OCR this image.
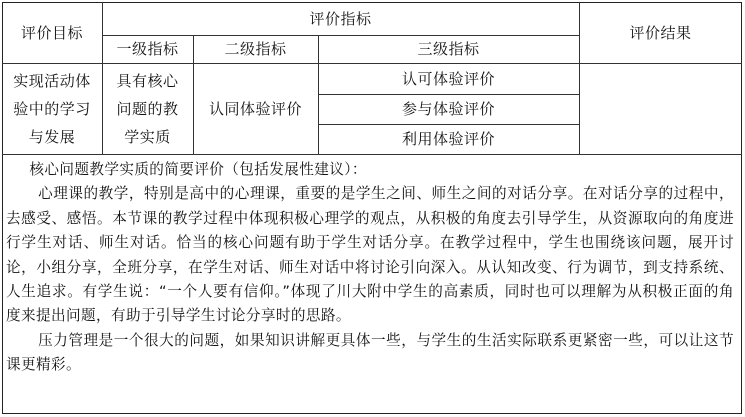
评价目标
评价指标
评价结果
一级指标	二级指标	三级指标
实现活动体
验中的学习
与发展
具有核心
问题的教
学实质
认同体验评价
认可体验评价
参与体验评价
利用体验评价

核心问题教学实质的简要评价（包括发展性建议）：

心理课的教学，特别是高中的心理课，重要的是学生之间、师生之间的对话分享。在对话分享的过程中，去感受、感悟。本节课的教学过程中体现积极心理学的观点，从积极的角度去引导学生，从资源取向的角度进行学生对话、师生对话。恰当的核心问题有助于学生对话分享。在教学过程中，学生也围绕该问题，展开讨论，小组分享，全班分享，在学生对话、师生对话中将讨论引向深入。从认知改变、行为调节，到支持系统、人生追求。有学生说：“一个人要有信仰。”体现了川大附中学生的高素质，同时也可以理解为从积极正面的角度来提出问题，有助于引导学生讨论分享时的思路。

压力管理是一个很大的问题，如果知识讲解更具体一些，与学生的生活实际联系更紧密一些，可以让这节课更精彩。
